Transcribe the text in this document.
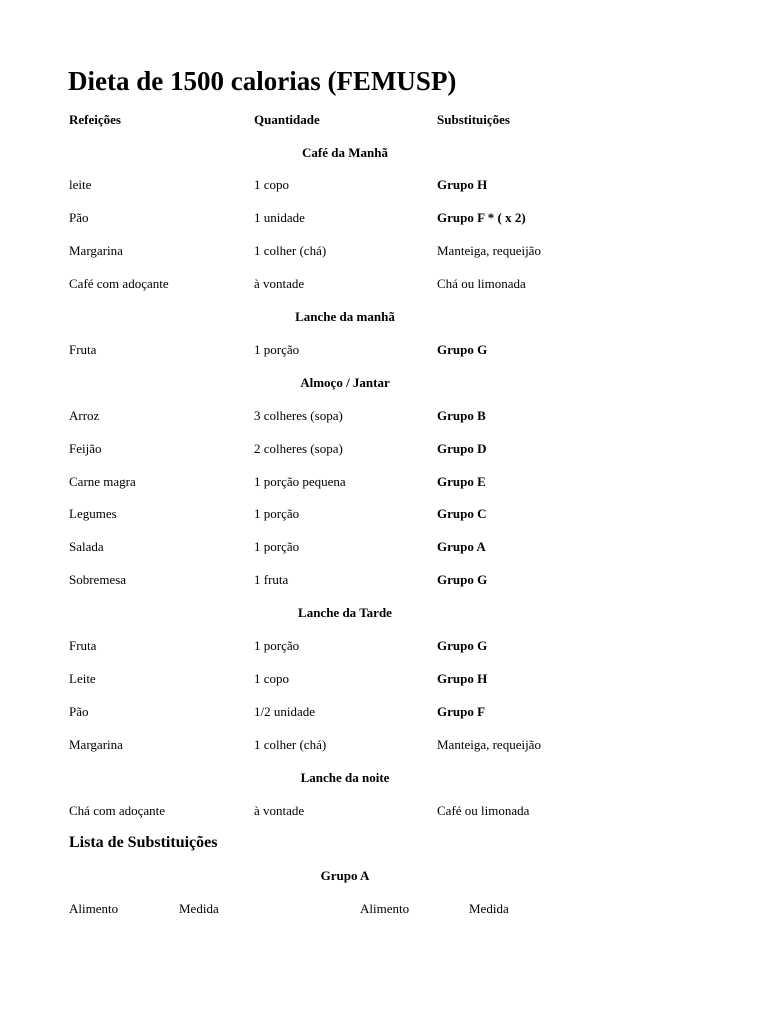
Dieta de 1500 calorias (FEMUSP)
Refeições	Quantidade	Substituições
Café da Manhã
leite	1 copo	Grupo H
Pão	1 unidade	Grupo F * ( x 2)
Margarina	1 colher (chá)	Manteiga, requeijão
Café com adoçante	à vontade	Chá ou limonada
Lanche da manhã
Fruta	1 porção	Grupo G
Almoço / Jantar
Arroz	3 colheres (sopa)	Grupo B
Feijão	2 colheres (sopa)	Grupo D
Carne magra	1 porção pequena	Grupo E
Legumes	1 porção	Grupo C
Salada	1 porção	Grupo A
Sobremesa	1 fruta	Grupo G
Lanche da Tarde
Fruta	1 porção	Grupo G
Leite	1 copo	Grupo H
Pão	1/2 unidade	Grupo F
Margarina	1 colher (chá)	Manteiga, requeijão
Lanche da noite
Chá com adoçante	à vontade	Café ou limonada
Lista de Substituições
Grupo A
Alimento	Medida	Alimento	Medida
